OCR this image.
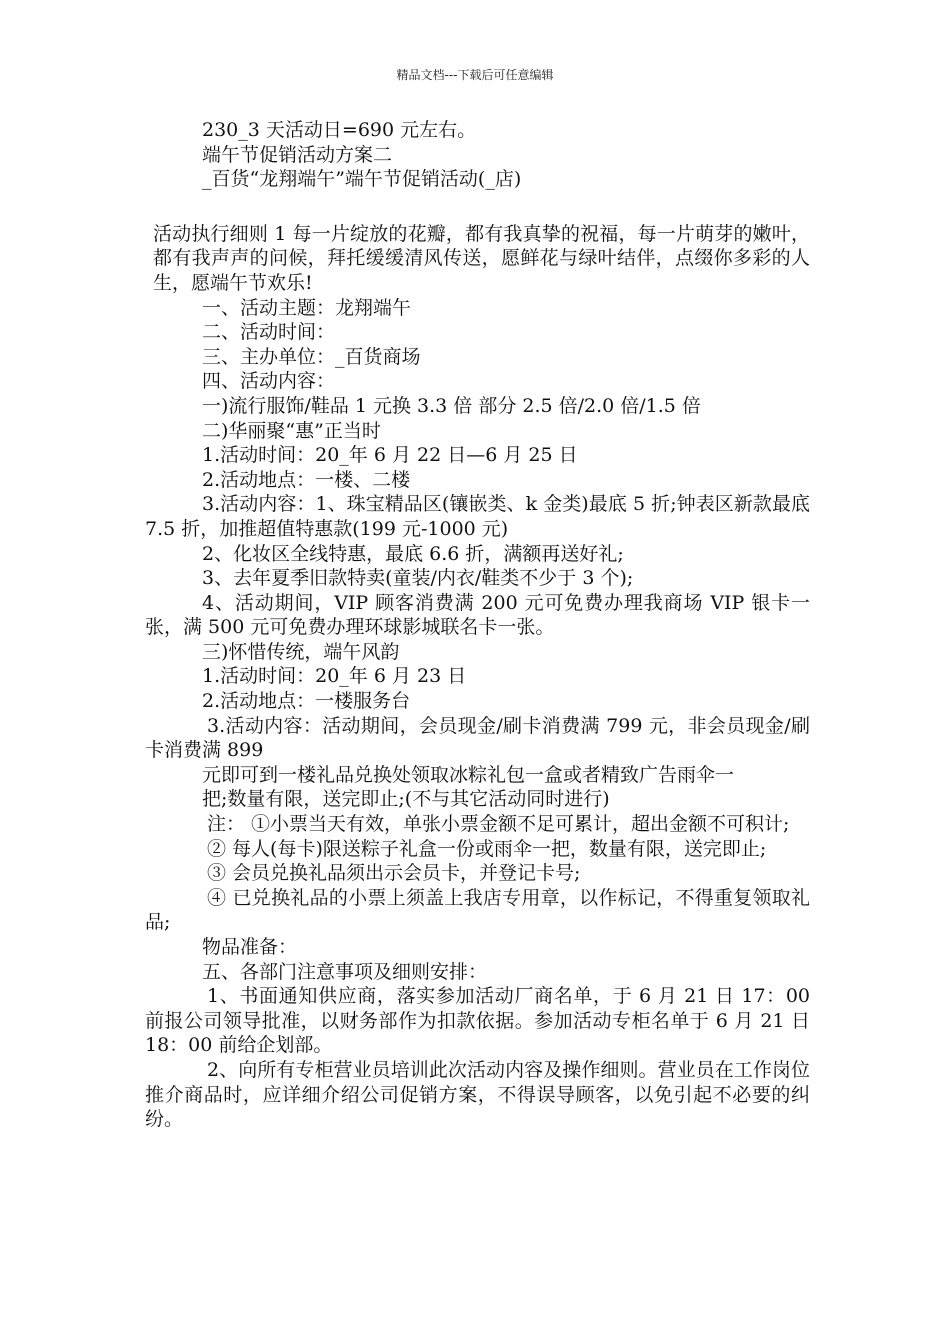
精品文档---下载后可任意编辑

230_3 天活动日=690 元左右。

端午节促销活动方案二

_百货“龙翔端午”端午节促销活动(_店)

活动执行细则 1 每一片绽放的花瓣，都有我真挚的祝福，每一片萌芽的嫩叶，都有我声声的问候，拜托缓缓清风传送，愿鲜花与绿叶结伴，点缀你多彩的人生，愿端午节欢乐!

一、活动主题：龙翔端午

二、活动时间：

三、主办单位：_百货商场

四、活动内容：

一)流行服饰/鞋品 1 元换 3.3 倍 部分 2.5 倍/2.0 倍/1.5 倍

二)华丽聚“惠”正当时

1.活动时间：20_年 6 月 22 日—6 月 25 日

2.活动地点：一楼、二楼

3.活动内容：1、珠宝精品区(镶嵌类、k 金类)最底 5 折;钟表区新款最底 7.5 折，加推超值特惠款(199 元-1000 元)

2、化妆区全线特惠，最底 6.6 折，满额再送好礼;

3、去年夏季旧款特卖(童装/内衣/鞋类不少于 3 个);

4、活动期间，VIP 顾客消费满 200 元可免费办理我商场 VIP 银卡一张，满 500 元可免费办理环球影城联名卡一张。

三)怀惜传统，端午风韵

1.活动时间：20_年 6 月 23 日

2.活动地点：一楼服务台

3.活动内容：活动期间，会员现金/刷卡消费满 799 元，非会员现金/刷卡消费满 899

元即可到一楼礼品兑换处领取冰粽礼包一盒或者精致广告雨伞一

把;数量有限，送完即止;(不与其它活动同时进行)

注： ①小票当天有效，单张小票金额不足可累计，超出金额不可积计;

② 每人(每卡)限送粽子礼盒一份或雨伞一把，数量有限，送完即止;

③ 会员兑换礼品须出示会员卡，并登记卡号;

④ 已兑换礼品的小票上须盖上我店专用章，以作标记，不得重复领取礼品;

物品准备：

五、各部门注意事项及细则安排：

1、书面通知供应商，落实参加活动厂商名单，于 6 月 21 日 17：00 前报公司领导批准，以财务部作为扣款依据。参加活动专柜名单于 6 月 21 日 18：00 前给企划部。

2、向所有专柜营业员培训此次活动内容及操作细则。营业员在工作岗位推介商品时，应详细介绍公司促销方案，不得误导顾客，以免引起不必要的纠纷。
